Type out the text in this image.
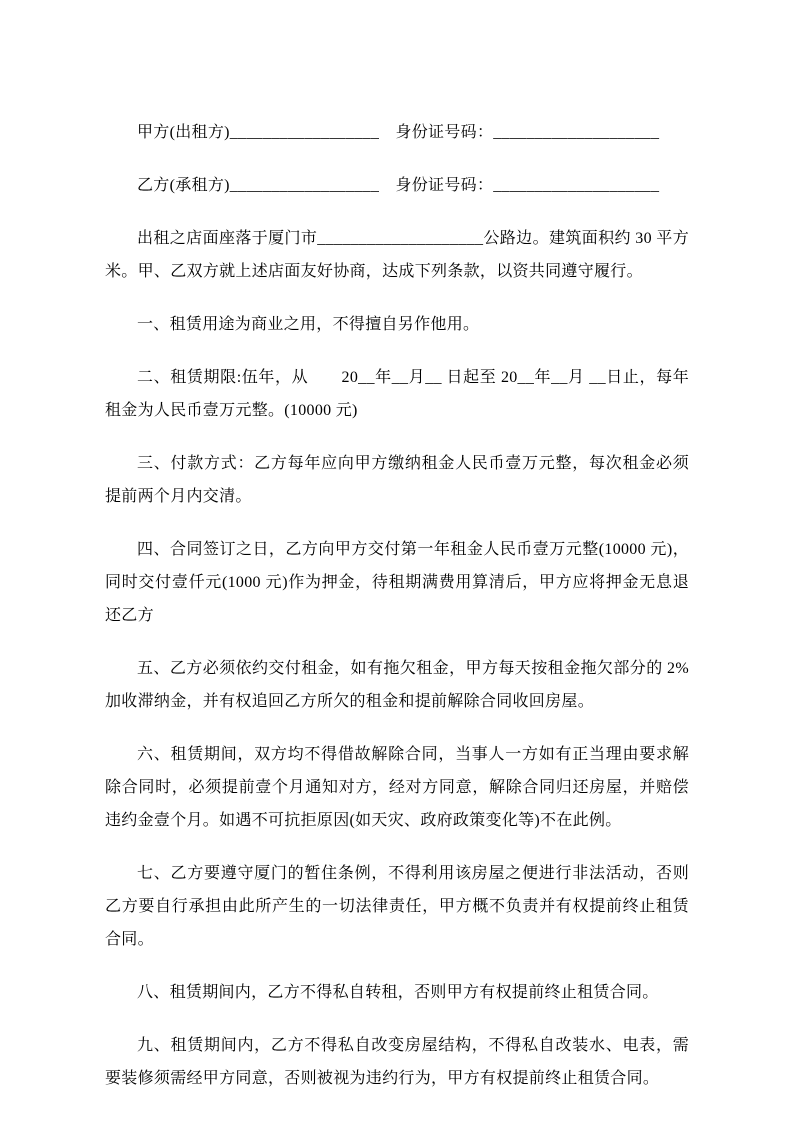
甲方(出租方)__________________　身份证号码：____________________

乙方(承租方)__________________　身份证号码：____________________

出租之店面座落于厦门市____________________公路边。建筑面积约 30 平方米。甲、乙双方就上述店面友好协商，达成下列条款，以资共同遵守履行。

一、租赁用途为商业之用，不得擅自另作他用。

二、租赁期限:伍年，从　　20__年__月__ 日起至 20__年__月 __日止，每年租金为人民币壹万元整。(10000 元)

三、付款方式：乙方每年应向甲方缴纳租金人民币壹万元整，每次租金必须提前两个月内交清。

四、合同签订之日，乙方向甲方交付第一年租金人民币壹万元整(10000 元)，同时交付壹仟元(1000 元)作为押金，待租期满费用算清后，甲方应将押金无息退还乙方

五、乙方必须依约交付租金，如有拖欠租金，甲方每天按租金拖欠部分的 2%加收滞纳金，并有权追回乙方所欠的租金和提前解除合同收回房屋。

六、租赁期间，双方均不得借故解除合同，当事人一方如有正当理由要求解除合同时，必须提前壹个月通知对方，经对方同意，解除合同归还房屋，并赔偿违约金壹个月。如遇不可抗拒原因(如天灾、政府政策变化等)不在此例。

七、乙方要遵守厦门的暂住条例，不得利用该房屋之便进行非法活动，否则乙方要自行承担由此所产生的一切法律责任，甲方概不负责并有权提前终止租赁合同。

八、租赁期间内，乙方不得私自转租，否则甲方有权提前终止租赁合同。

九、租赁期间内，乙方不得私自改变房屋结构，不得私自改装水、电表，需要装修须需经甲方同意，否则被视为违约行为，甲方有权提前终止租赁合同。
